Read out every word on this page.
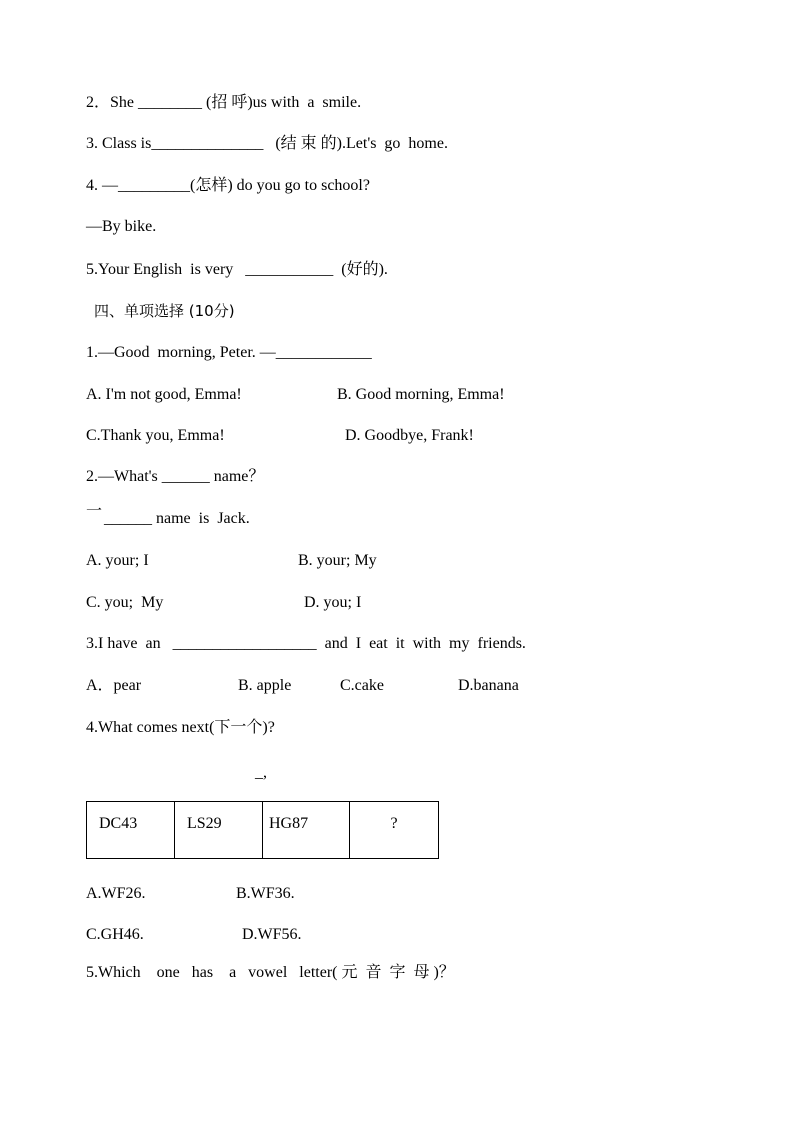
2．She ________ (招 呼)us with  a  smile.
3. Class is______________   (结 束 的).Let's  go  home.
4. —_________(怎样) do you go to school?
—By bike.
5.Your English  is very   ___________  (好的).
四、单项选择 (10分)
1.—Good  morning, Peter. —____________
A. I'm not good, Emma!	B. Good morning, Emma!
C.Thank you, Emma!	D. Goodbye, Frank!
2.—What's ______ name？
一 ______ name  is  Jack.
A. your; I	B. your; My
C. you;  My	D. you; I
3.I have  an   __________________  and  I  eat  it  with  my  friends.
A．pear	B. apple	C.cake	D.banana
4.What comes next(下一个)?
_,
DC43	LS29	HG87	?
A.WF26.	B.WF36.
C.GH46.	D.WF56.
5.Which    one   has    a   vowel   letter( 元  音  字  母 )？
